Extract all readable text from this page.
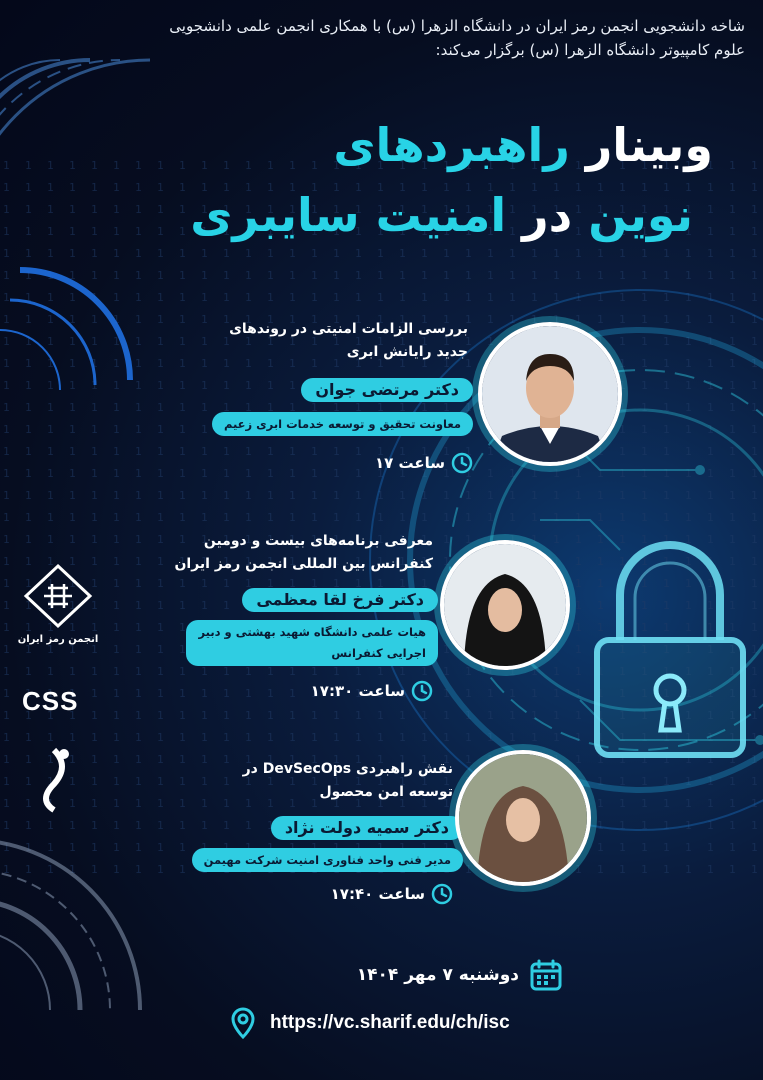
شاخه دانشجویی انجمن رمز ایران در دانشگاه الزهرا (س) با همکاری انجمن علمی دانشجویی علوم کامپیوتر دانشگاه الزهرا (س) برگزار می‌کند:

وبینار راهبردهای
نوین در امنیت سایبری
بررسی الزامات امنیتی در روندهای
جدید رایانش ابری
دکتر مرتضی جوان
معاونت تحقیق و توسعه خدمات ابری زعیم
ساعت ۱۷
معرفی برنامه‌های بیست و دومین
کنفرانس بین المللی انجمن رمز ایران
دکتر فرخ لقا معظمی
هیات علمی دانشگاه شهید بهشتی و دبیر
اجرایی کنفرانس
ساعت ۱۷:۳۰
نقش راهبردی DevSecOps در
توسعه امن محصول
دکتر سمیه دولت نژاد
مدیر فنی واحد فناوری امنیت شرکت مهیمن
ساعت ۱۷:۴۰
انجمن رمز ایران
CSS
دوشنبه ۷ مهر ۱۴۰۴
https://vc.sharif.edu/ch/isc
